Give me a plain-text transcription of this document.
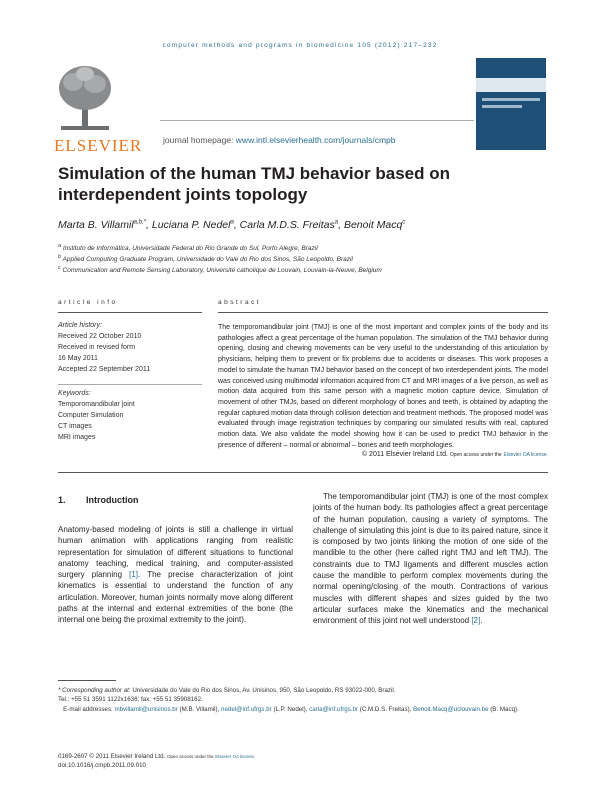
computer methods and programs in biomedicine 105 (2012) 217–232
ELSEVIER journal homepage: www.intl.elsevierhealth.com/journals/cmpb
Simulation of the human TMJ behavior based on
interdependent joints topology
Marta B. Villamil$^{a,b,*}$, Luciana P. Nedel$^a$, Carla M.D.S. Freitas$^a$, Benoit Macq$^c$
$^a$ Instituto de Informática, Universidade Federal do Rio Grande do Sul, Porto Alegre, Brazil
$^b$ Applied Computing Graduate Program, Universidade do Vale do Rio dos Sinos, São Leopoldo, Brazil
$^c$ Communication and Remote Sensing Laboratory, Université catholique de Louvain, Louvain-la-Neuve, Belgium
article info
Article history:
Received 22 October 2010
Received in revised form
16 May 2011
Accepted 22 September 2011
Keywords:
Temporomandibular joint
Computer Simulation
CT images
MRI images
abstract
The temporomandibular joint (TMJ) is one of the most important and complex joints of the body and its pathologies affect a great percentage of the human population. The simulation of the TMJ behavior during opening, closing and chewing movements can be very useful to the understanding of this articulation by physicians, helping them to prevent or fix problems due to accidents or diseases. This work proposes a model to simulate the human TMJ behavior based on the concept of two interdependent joints. The model was conceived using multimodal information acquired from CT and MRI images of a live person, as well as motion data acquired from this same person with a magnetic motion capture device. Simulation of movement of other TMJs, based on different morphology of bones and teeth, is obtained by adapting the regular captured motion data through collision detection and treatment methods. The proposed model was evaluated through image registration techniques by comparing our simulated results with real, captured motion data. We also validate the model showing how it can be used to predict TMJ behavior in the presence of different – normal or abnormal – bones and teeth morphologies.
© 2011 Elsevier Ireland Ltd. Open access under the Elsevier OA license.
1. Introduction
Anatomy-based modeling of joints is still a challenge in virtual human animation with applications ranging from realistic representation for simulation of different situations to functional anatomy teaching, medical training, and computer-assisted surgery planning [1]. The precise characterization of joint kinematics is essential to understand the function of any articulation. Moreover, human joints normally move along different paths at the internal and external extremities of the bone (the internal one being the proximal extremity to the joint).
The temporomandibular joint (TMJ) is one of the most complex joints of the human body. Its pathologies affect a great percentage of the human population, causing a variety of symptoms. The challenge of simulating this joint is due to its paired nature, since it is composed by two joints linking the motion of one side of the mandible to the other (here called right TMJ and left TMJ). The constraints due to TMJ ligaments and different muscles action cause the mandible to perform complex movements during the normal opening/closing of the mouth. Contractions of various muscles with different shapes and sizes guided by the two articular surfaces make the kinematics and the mechanical environment of this joint not well understood [2].
* Corresponding author at: Universidade do Vale do Rio dos Sinos, Av. Unisinos, 950, São Leopoldo, RS 93022-000, Brazil.
Tel.: +55 51 3591 1122x1636; fax: +55 51 35908162.
E-mail addresses: mbvillamil@unisinos.br (M.B. Villamil), nedel@inf.ufrgs.br (L.P. Nedel), carla@inf.ufrgs.br (C.M.D.S. Freitas), Benoit.Macq@uclouvain.be (B. Macq).
0169-2607 © 2011 Elsevier Ireland Ltd. Open access under the Elsevier OA license.
doi:10.1016/j.cmpb.2011.09.010
